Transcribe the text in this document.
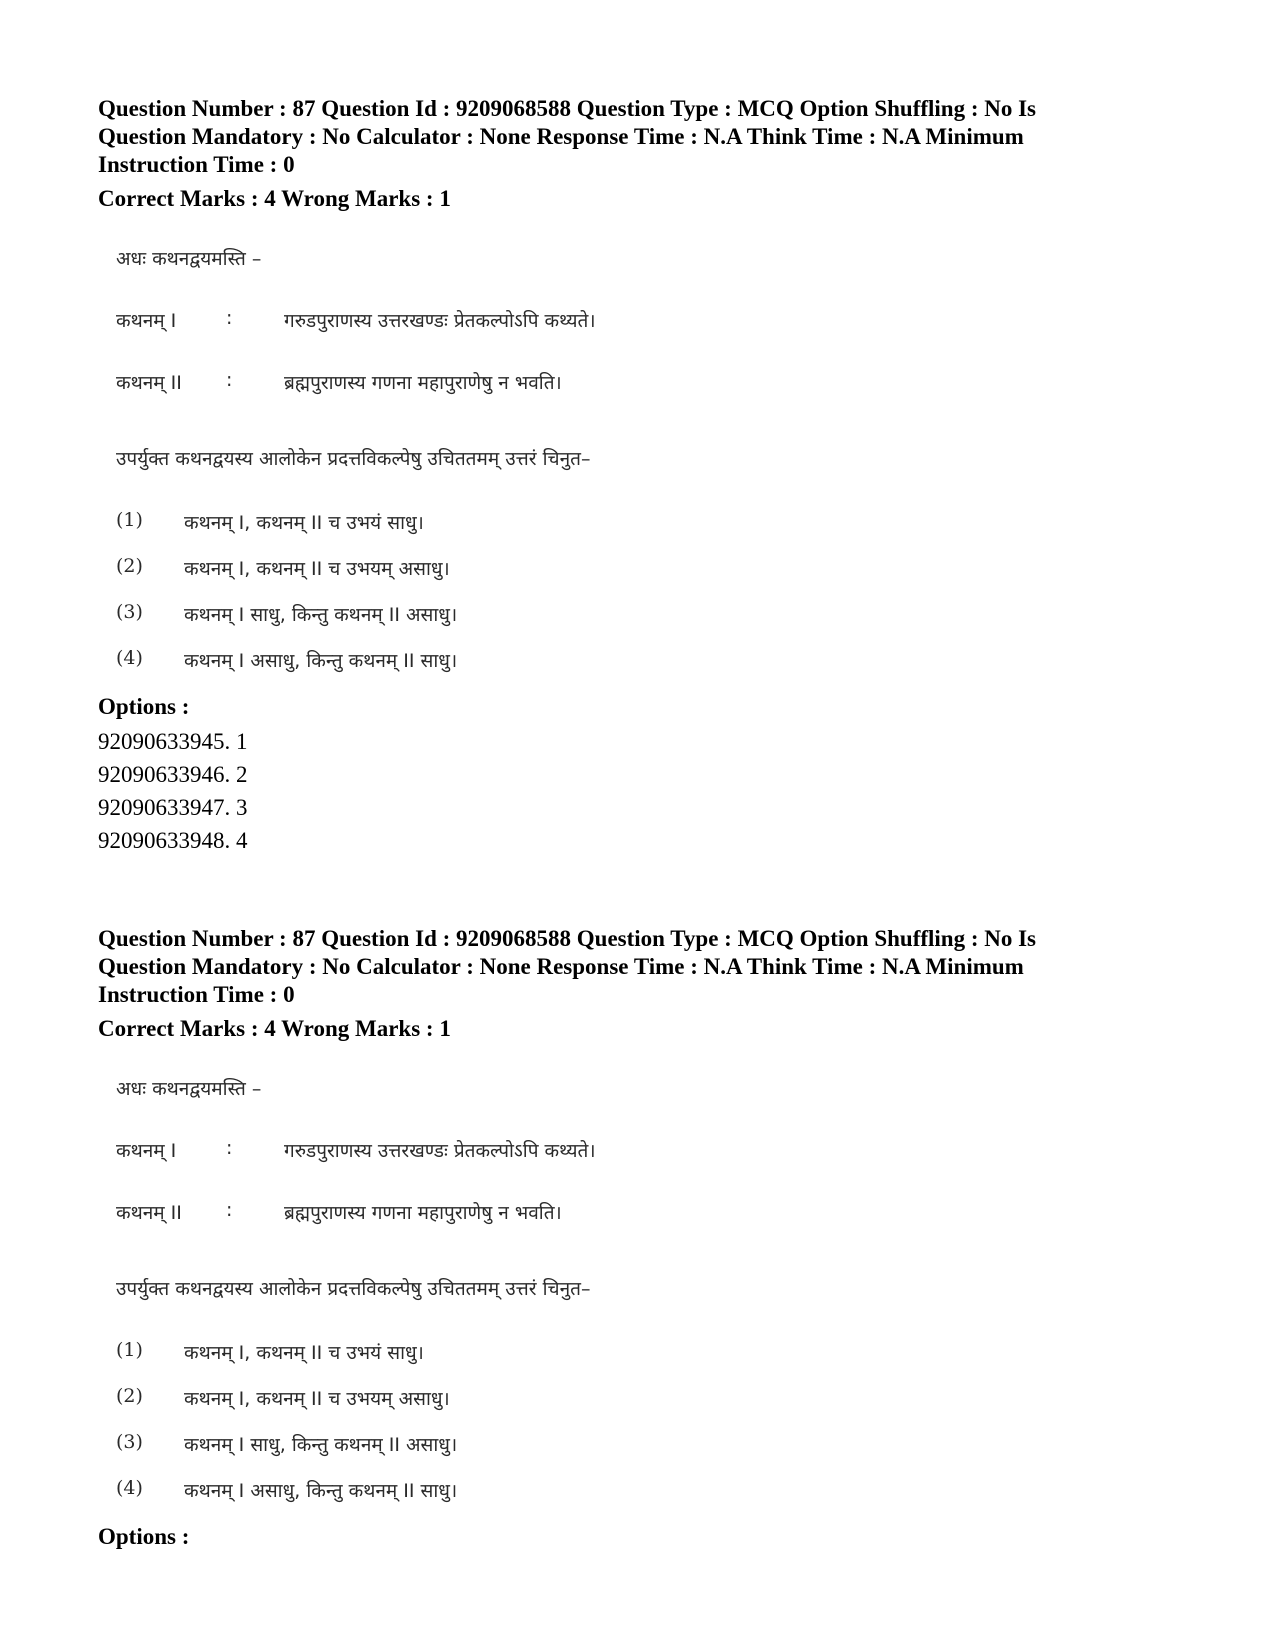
Question Number : 87 Question Id : 9209068588 Question Type : MCQ Option Shuffling : No Is
Question Mandatory : No Calculator : None Response Time : N.A Think Time : N.A Minimum
Instruction Time : 0

Correct Marks : 4 Wrong Marks : 1

अधः कथनद्वयमस्ति –
कथनम् I	:	गरुडपुराणस्य उत्तरखण्डः प्रेतकल्पोऽपि कथ्यते।
कथनम् II	:	ब्रह्मपुराणस्य गणना महापुराणेषु न भवति।
उपर्युक्त कथनद्वयस्य आलोकेन प्रदत्तविकल्पेषु उचिततमम् उत्तरं चिनुत–
(1)	कथनम् I, कथनम् II च उभयं साधु।
(2)	कथनम् I, कथनम् II च उभयम् असाधु।
(3)	कथनम् I साधु, किन्तु कथनम् II असाधु।
(4)	कथनम् I असाधु, किन्तु कथनम् II साधु।
Options :
92090633945. 1
92090633946. 2
92090633947. 3
92090633948. 4

Question Number : 87 Question Id : 9209068588 Question Type : MCQ Option Shuffling : No Is
Question Mandatory : No Calculator : None Response Time : N.A Think Time : N.A Minimum
Instruction Time : 0

Correct Marks : 4 Wrong Marks : 1

अधः कथनद्वयमस्ति –
कथनम् I	:	गरुडपुराणस्य उत्तरखण्डः प्रेतकल्पोऽपि कथ्यते।
कथनम् II	:	ब्रह्मपुराणस्य गणना महापुराणेषु न भवति।
उपर्युक्त कथनद्वयस्य आलोकेन प्रदत्तविकल्पेषु उचिततमम् उत्तरं चिनुत–
(1)	कथनम् I, कथनम् II च उभयं साधु।
(2)	कथनम् I, कथनम् II च उभयम् असाधु।
(3)	कथनम् I साधु, किन्तु कथनम् II असाधु।
(4)	कथनम् I असाधु, किन्तु कथनम् II साधु।
Options :
